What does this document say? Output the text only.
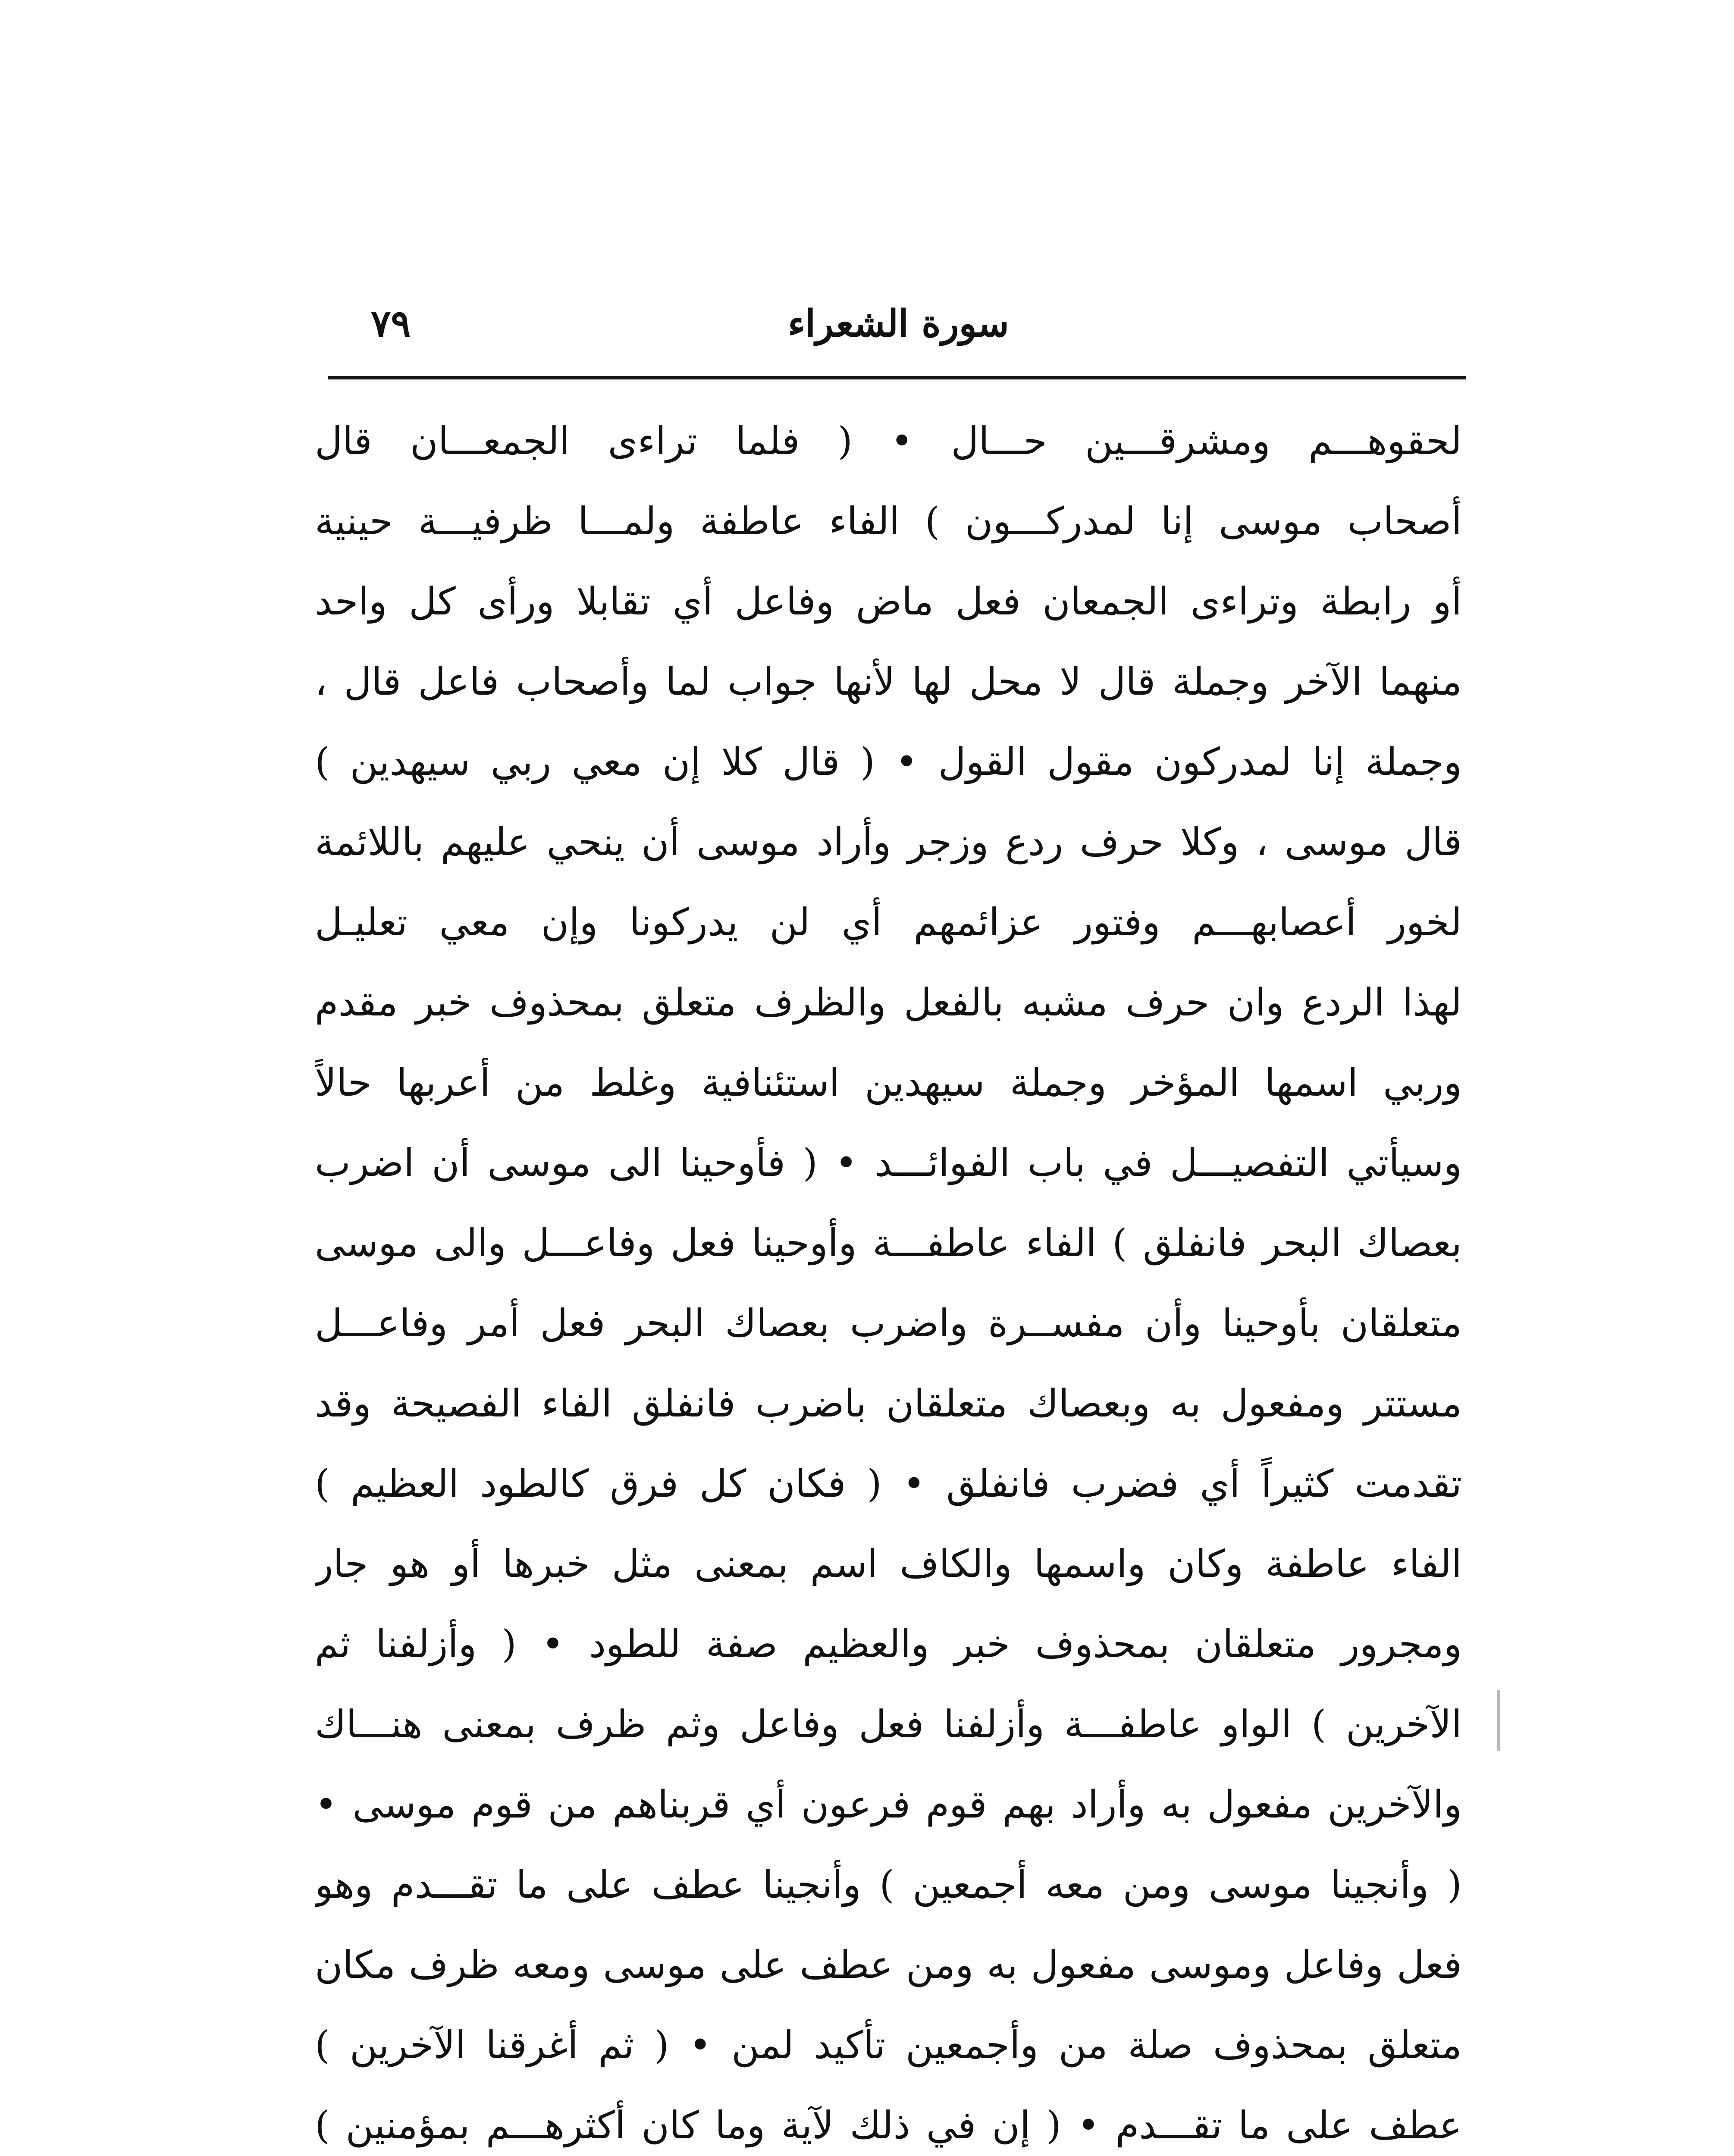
سورة الشعراء
٧٩
لحقوهـــم ومشرقـــين حـــال • ( فلما تراءى الجمعـــان قال
أصحاب موسى إنا لمدركـــون ) الفاء عاطفة ولمـــا ظرفيـــة حينية
أو رابطة وتراءى الجمعان فعل ماض وفاعل أي تقابلا ورأى كل واحد
منهما الآخر وجملة قال لا محل لها لأنها جواب لما وأصحاب فاعل قال ،
وجملة إنا لمدركون مقول القول • ( قال كلا إن معي ربي سيهدين )
قال موسى ، وكلا حرف ردع وزجر وأراد موسى أن ينحي عليهم باللائمة
لخور أعصابهـــم وفتور عزائمهم أي لن يدركونا وإن معي تعليـل
لهذا الردع وان حرف مشبه بالفعل والظرف متعلق بمحذوف خبر مقدم
وربي اسمها المؤخر وجملة سيهدين استئنافية وغلط من أعربها حالاً
وسيأتي التفصيـــل في باب الفوائـــد • ( فأوحينا الى موسى أن اضرب
بعصاك البحر فانفلق ) الفاء عاطفـــة وأوحينا فعل وفاعـــل والى موسى
متعلقان بأوحينا وأن مفســرة واضرب بعصاك البحر فعل أمر وفاعـــل
مستتر ومفعول به وبعصاك متعلقان باضرب فانفلق الفاء الفصيحة وقد
تقدمت كثيراً أي فضرب فانفلق • ( فكان كل فرق كالطود العظيم )
الفاء عاطفة وكان واسمها والكاف اسم بمعنى مثل خبرها أو هو جار
ومجرور متعلقان بمحذوف خبر والعظيم صفة للطود • ( وأزلفنا ثم
الآخرين ) الواو عاطفـــة وأزلفنا فعل وفاعل وثم ظرف بمعنى هنـــاك
والآخرين مفعول به وأراد بهم قوم فرعون أي قربناهم من قوم موسى •
( وأنجينا موسى ومن معه أجمعين ) وأنجينا عطف على ما تقـــدم وهو
فعل وفاعل وموسى مفعول به ومن عطف على موسى ومعه ظرف مكان
متعلق بمحذوف صلة من وأجمعين تأكيد لمن • ( ثم أغرقنا الآخرين )
عطف على ما تقـــدم • ( إن في ذلك لآية وما كان أكثرهـــم بمؤمنين )
